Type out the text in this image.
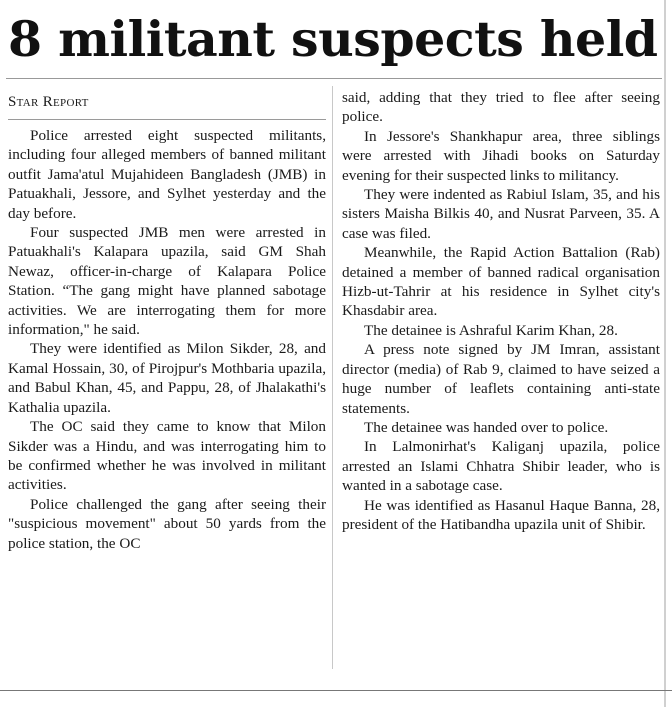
8 militant suspects held
Star Report

Police arrested eight suspected militants, including four alleged members of banned militant outfit Jama'atul Mujahideen Bangladesh (JMB) in Patuakhali, Jessore, and Sylhet yesterday and the day before.

Four suspected JMB men were arrested in Patuakhali's Kalapara upazila, said GM Shah Newaz, officer-in-charge of Kalapara Police Station. “The gang might have planned sabotage activities. We are interrogating them for more information," he said.

They were identified as Milon Sikder, 28, and Kamal Hossain, 30, of Pirojpur's Mothbaria upazila, and Babul Khan, 45, and Pappu, 28, of Jhalakathi's Kathalia upazila.

The OC said they came to know that Milon Sikder was a Hindu, and was interrogating him to be confirmed whether he was involved in militant activities.

Police challenged the gang after seeing their "suspicious movement" about 50 yards from the police station, the OC

said, adding that they tried to flee after seeing police.

In Jessore's Shankhapur area, three siblings were arrested with Jihadi books on Saturday evening for their suspected links to militancy.

They were indented as Rabiul Islam, 35, and his sisters Maisha Bilkis 40, and Nusrat Parveen, 35. A case was filed.

Meanwhile, the Rapid Action Battalion (Rab) detained a member of banned radical organisation Hizb-ut-Tahrir at his residence in Sylhet city's Khasdabir area.

The detainee is Ashraful Karim Khan, 28.

A press note signed by JM Imran, assistant director (media) of Rab 9, claimed to have seized a huge number of leaflets containing anti-state statements.

The detainee was handed over to police.

In Lalmonirhat's Kaliganj upazila, police arrested an Islami Chhatra Shibir leader, who is wanted in a sabotage case.

He was identified as Hasanul Haque Banna, 28, president of the Hatibandha upazila unit of Shibir.
